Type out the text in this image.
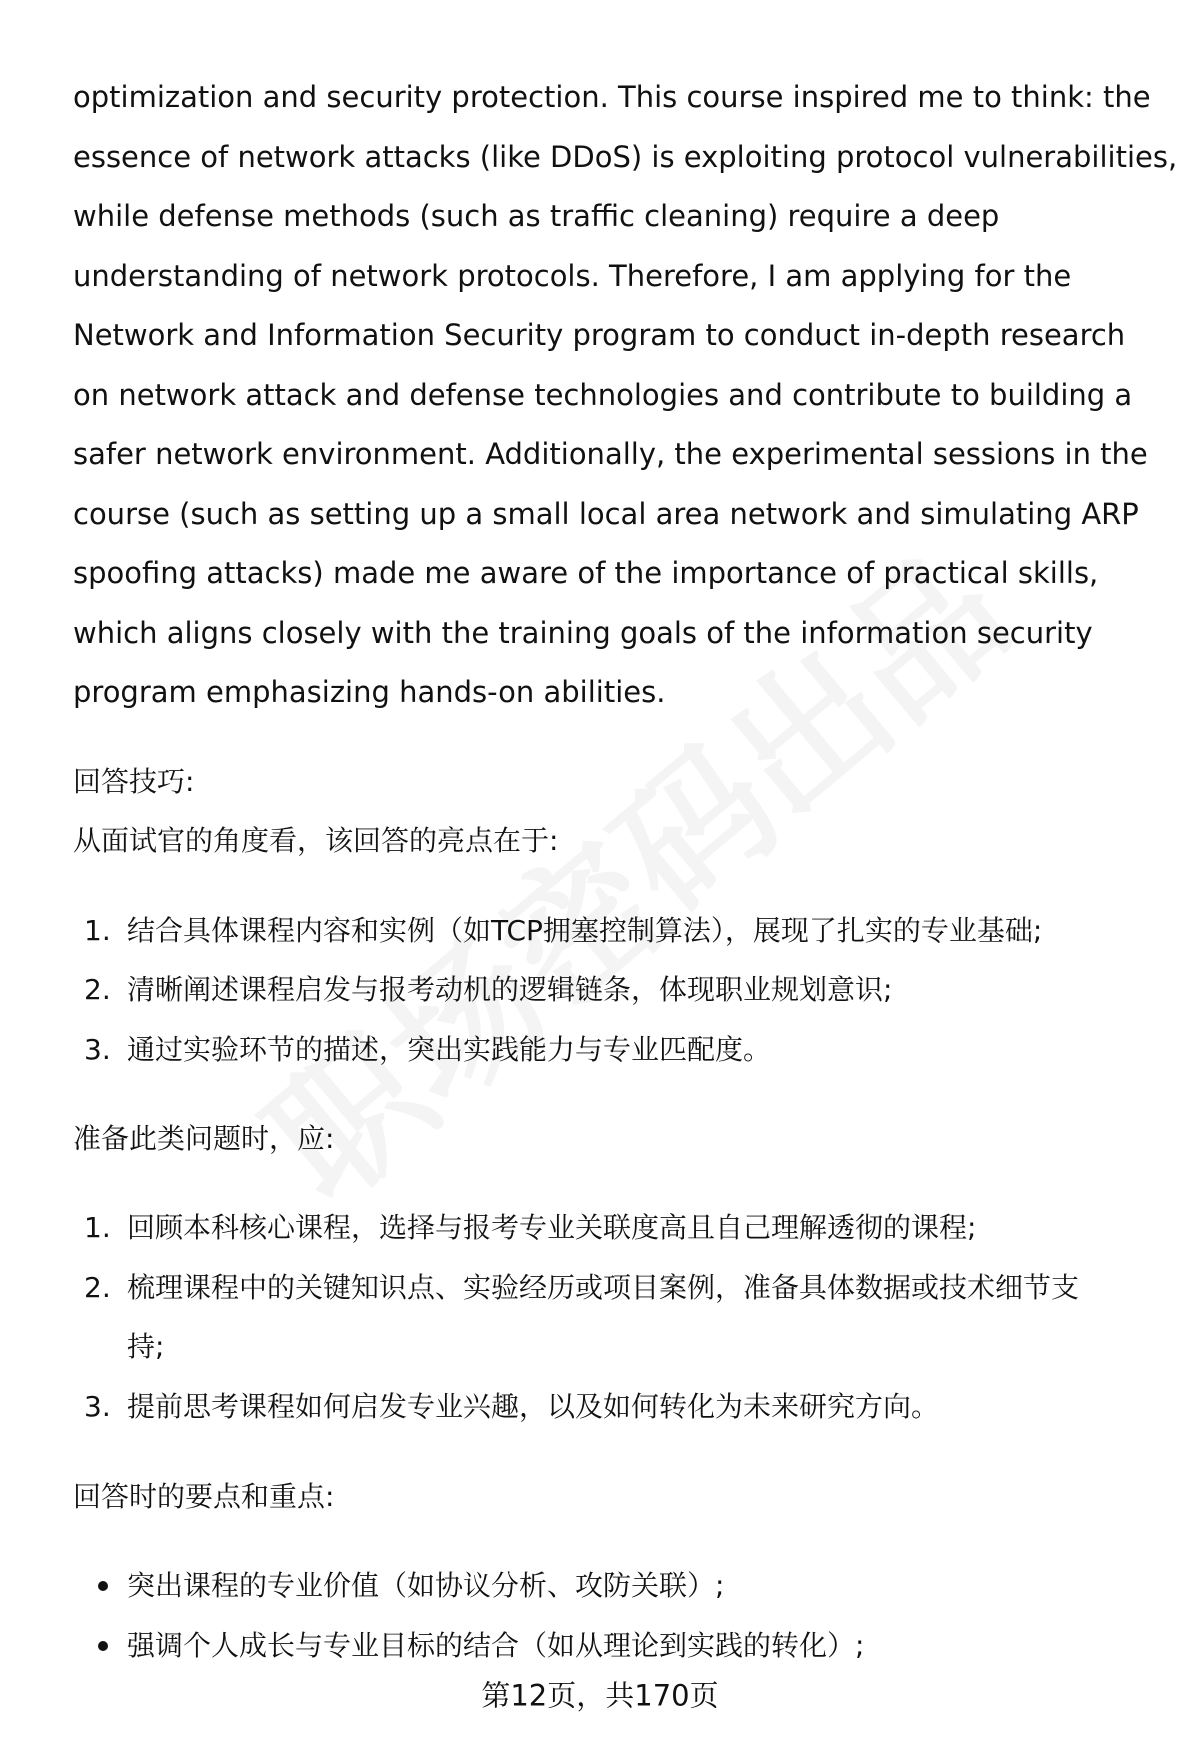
optimization and security protection. This course inspired me to think: the
essence of network attacks (like DDoS) is exploiting protocol vulnerabilities,
while defense methods (such as traffic cleaning) require a deep
understanding of network protocols. Therefore, I am applying for the
Network and Information Security program to conduct in-depth research
on network attack and defense technologies and contribute to building a
safer network environment. Additionally, the experimental sessions in the
course (such as setting up a small local area network and simulating ARP
spoofing attacks) made me aware of the importance of practical skills,
which aligns closely with the training goals of the information security
program emphasizing hands-on abilities.
回答技巧:
从面试官的角度看，该回答的亮点在于:
1. 结合具体课程内容和实例（如TCP拥塞控制算法），展现了扎实的专业基础;
2. 清晰阐述课程启发与报考动机的逻辑链条，体现职业规划意识;
3. 通过实验环节的描述，突出实践能力与专业匹配度。
准备此类问题时，应:
1. 回顾本科核心课程，选择与报考专业关联度高且自己理解透彻的课程;
2. 梳理课程中的关键知识点、实验经历或项目案例，准备具体数据或技术细节支
持;
3. 提前思考课程如何启发专业兴趣，以及如何转化为未来研究方向。
回答时的要点和重点:
突出课程的专业价值（如协议分析、攻防关联）;
强调个人成长与专业目标的结合（如从理论到实践的转化）;
第12页，共170页
